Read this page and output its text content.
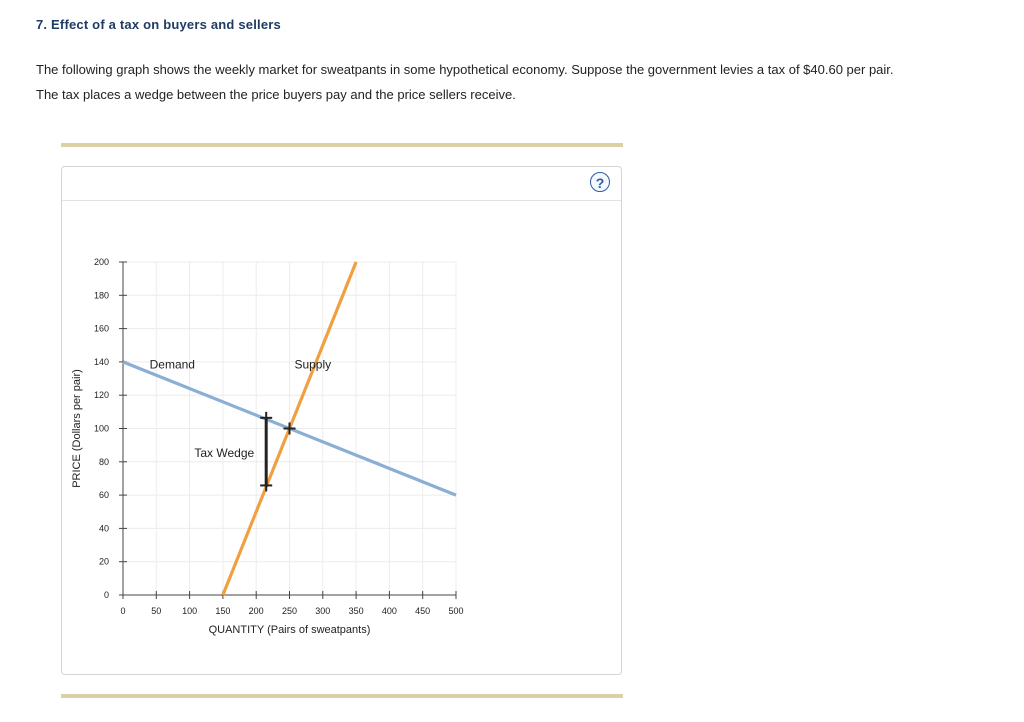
7. Effect of a tax on buyers and sellers
The following graph shows the weekly market for sweatpants in some hypothetical economy. Suppose the government levies a tax of $40.60 per pair.
The tax places a wedge between the price buyers pay and the price sellers receive.
?
0
20
40
60
80
100
120
140
160
180
200
0	50 100 150 200 250 300 350 400 450 500
QUANTITY (Pairs of sweatpants)
PRICE (Dollars per pair)
Demand	Supply
Tax Wedge
